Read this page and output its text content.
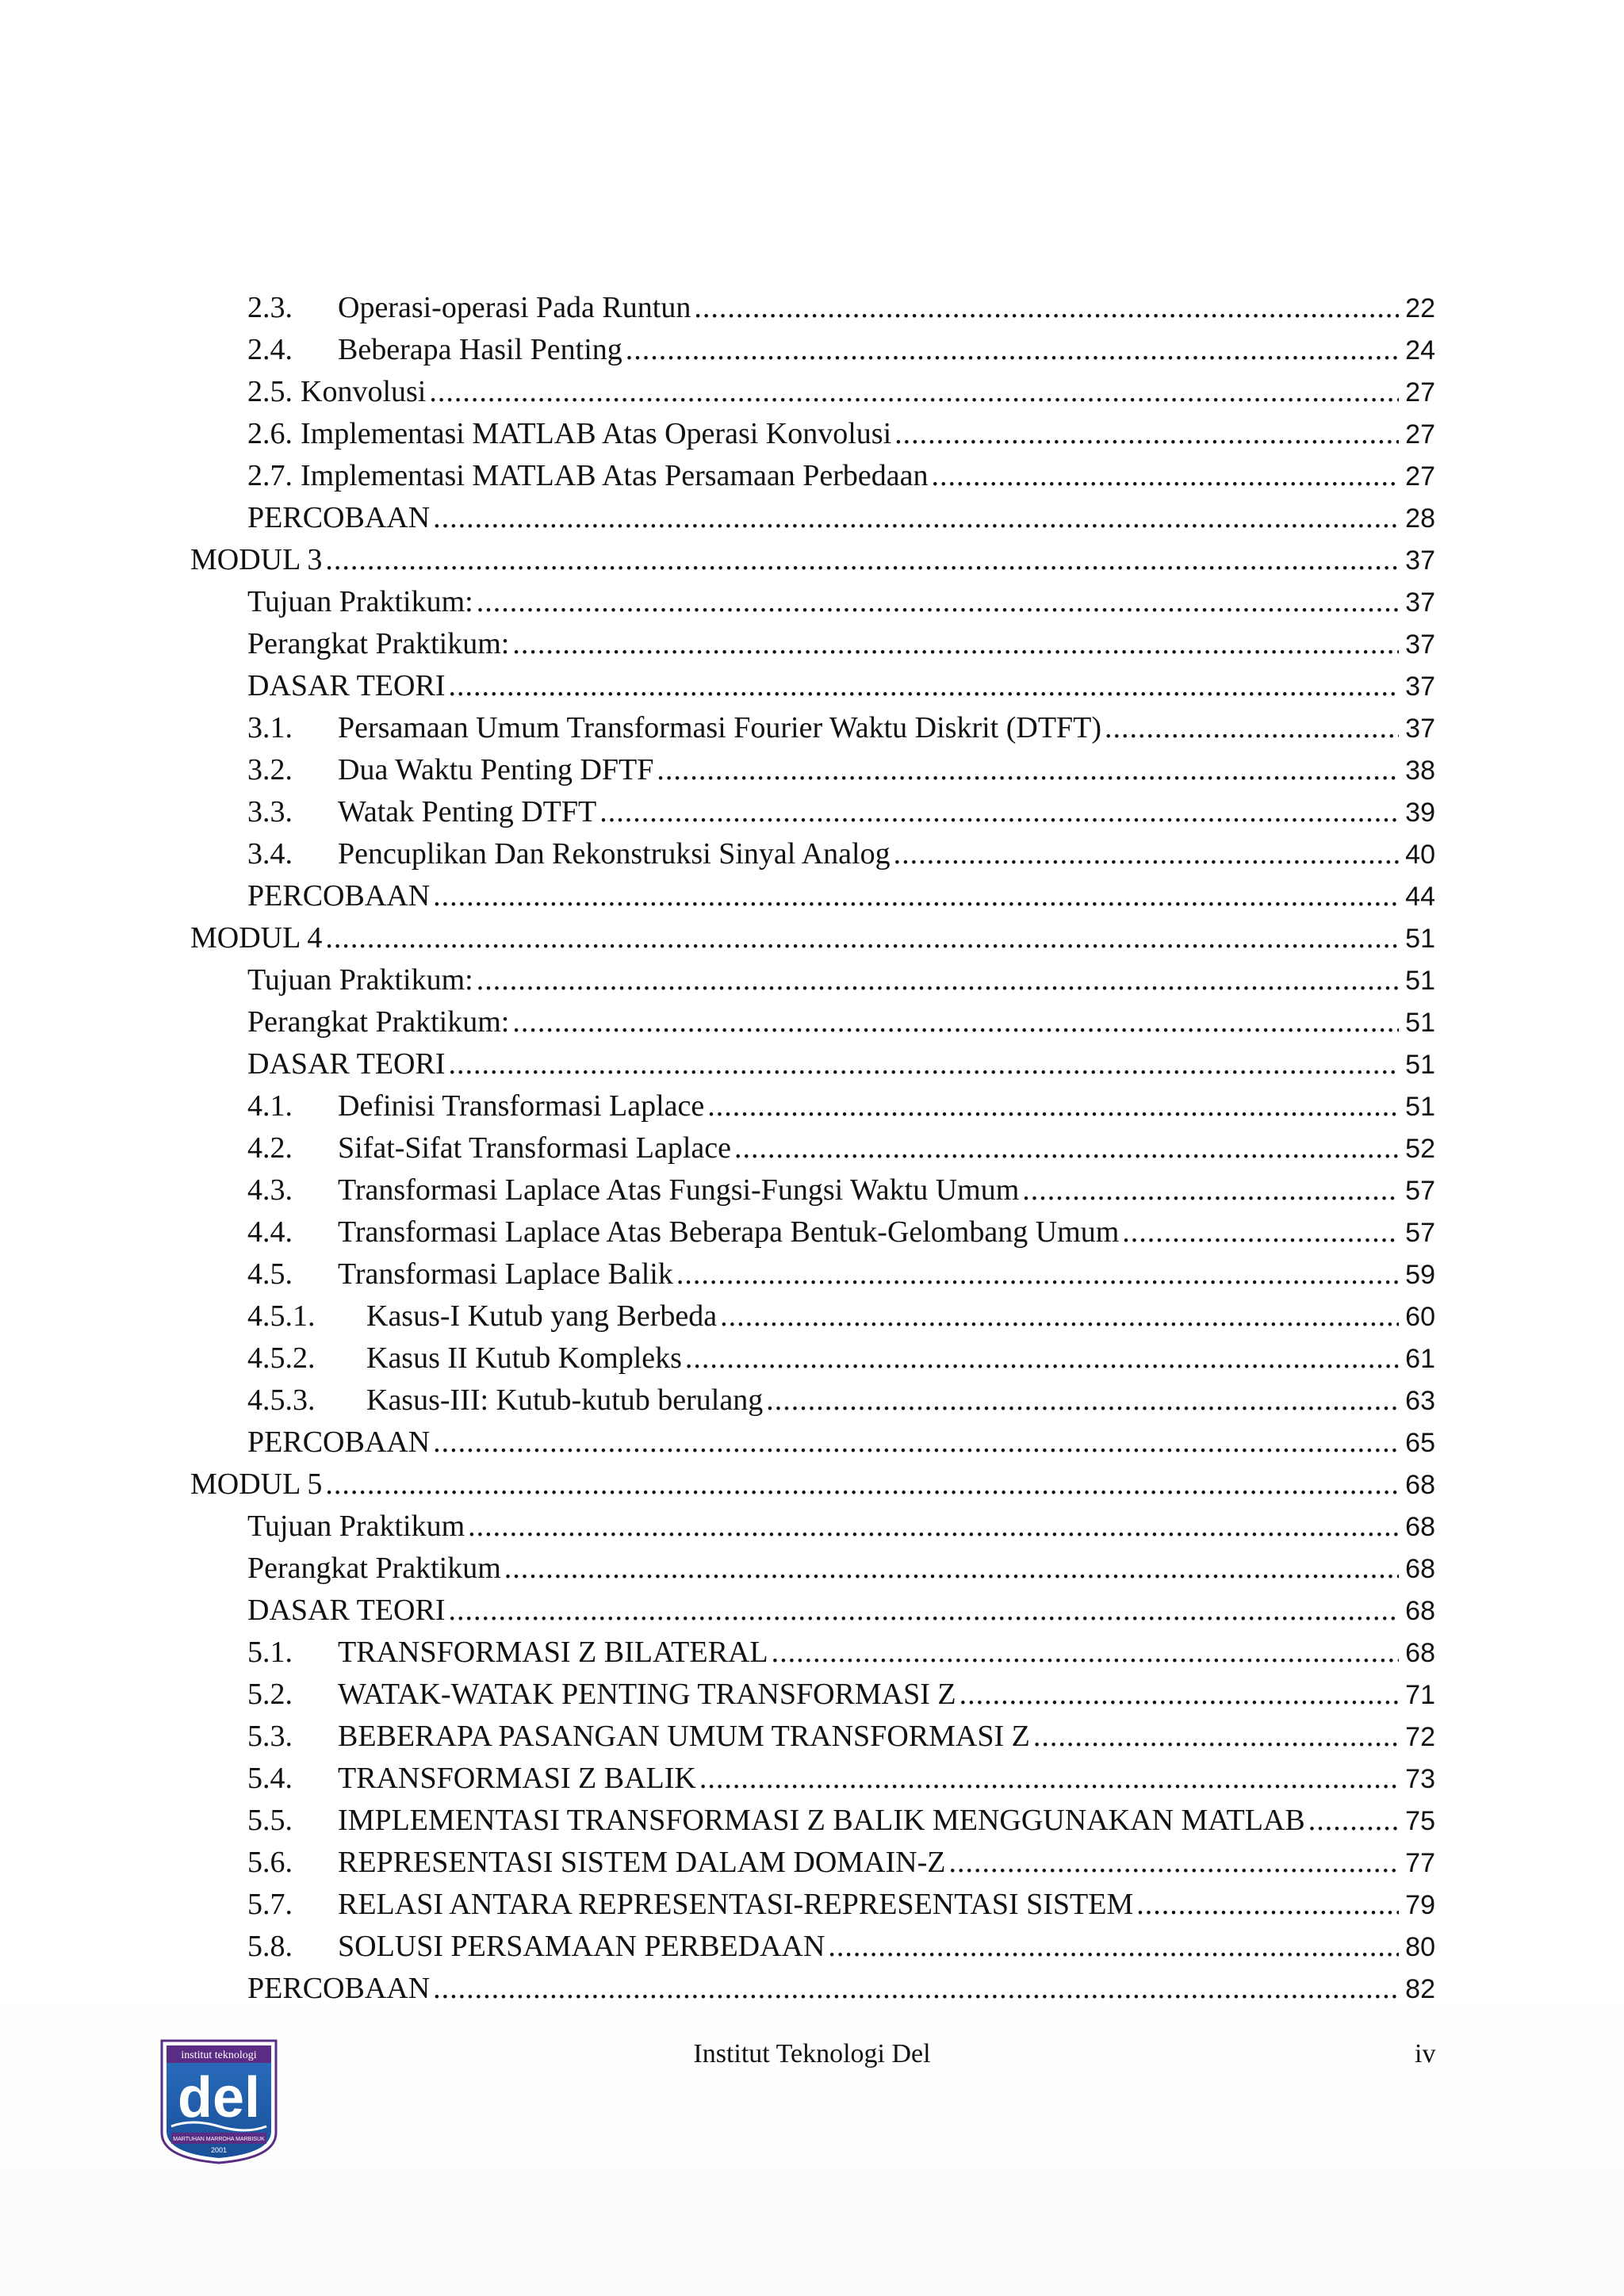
2.3.	Operasi-operasi Pada Runtun .....	22
2.4.	Beberapa Hasil Penting .....	24
2.5. Konvolusi .....	27
2.6. Implementasi MATLAB Atas Operasi Konvolusi .....	27
2.7. Implementasi MATLAB Atas Persamaan Perbedaan .....	27
PERCOBAAN .....	28
MODUL 3 .....	37
Tujuan Praktikum: .....	37
Perangkat Praktikum: .....	37
DASAR TEORI .....	37
3.1.	Persamaan Umum Transformasi Fourier Waktu Diskrit (DTFT) .....	37
3.2.	Dua Waktu Penting DFTF .....	38
3.3.	Watak Penting DTFT .....	39
3.4.	Pencuplikan Dan Rekonstruksi Sinyal Analog .....	40
PERCOBAAN .....	44
MODUL 4 .....	51
Tujuan Praktikum: .....	51
Perangkat Praktikum: .....	51
DASAR TEORI .....	51
4.1.	Definisi Transformasi Laplace .....	51
4.2.	Sifat-Sifat Transformasi Laplace .....	52
4.3.	Transformasi Laplace Atas Fungsi-Fungsi Waktu Umum .....	57
4.4.	Transformasi Laplace Atas Beberapa Bentuk-Gelombang Umum .....	57
4.5.	Transformasi Laplace Balik .....	59
4.5.1.	Kasus-I Kutub yang Berbeda .....	60
4.5.2.	Kasus II Kutub Kompleks .....	61
4.5.3.	Kasus-III: Kutub-kutub berulang .....	63
PERCOBAAN .....	65
MODUL 5 .....	68
Tujuan Praktikum .....	68
Perangkat Praktikum .....	68
DASAR TEORI .....	68
5.1.	TRANSFORMASI Z BILATERAL .....	68
5.2.	WATAK-WATAK PENTING TRANSFORMASI Z .....	71
5.3.	BEBERAPA PASANGAN UMUM TRANSFORMASI Z .....	72
5.4.	TRANSFORMASI Z BALIK .....	73
5.5.	IMPLEMENTASI TRANSFORMASI Z BALIK MENGGUNAKAN MATLAB .....	75
5.6.	REPRESENTASI SISTEM DALAM DOMAIN-Z .....	77
5.7.	RELASI ANTARA REPRESENTASI-REPRESENTASI SISTEM .....	79
5.8.	SOLUSI PERSAMAAN PERBEDAAN .....	80
PERCOBAAN .....	82
Institut Teknologi Del	iv
institut teknologi
del
MARTUHAN MARROHA MARBISUK
2001
